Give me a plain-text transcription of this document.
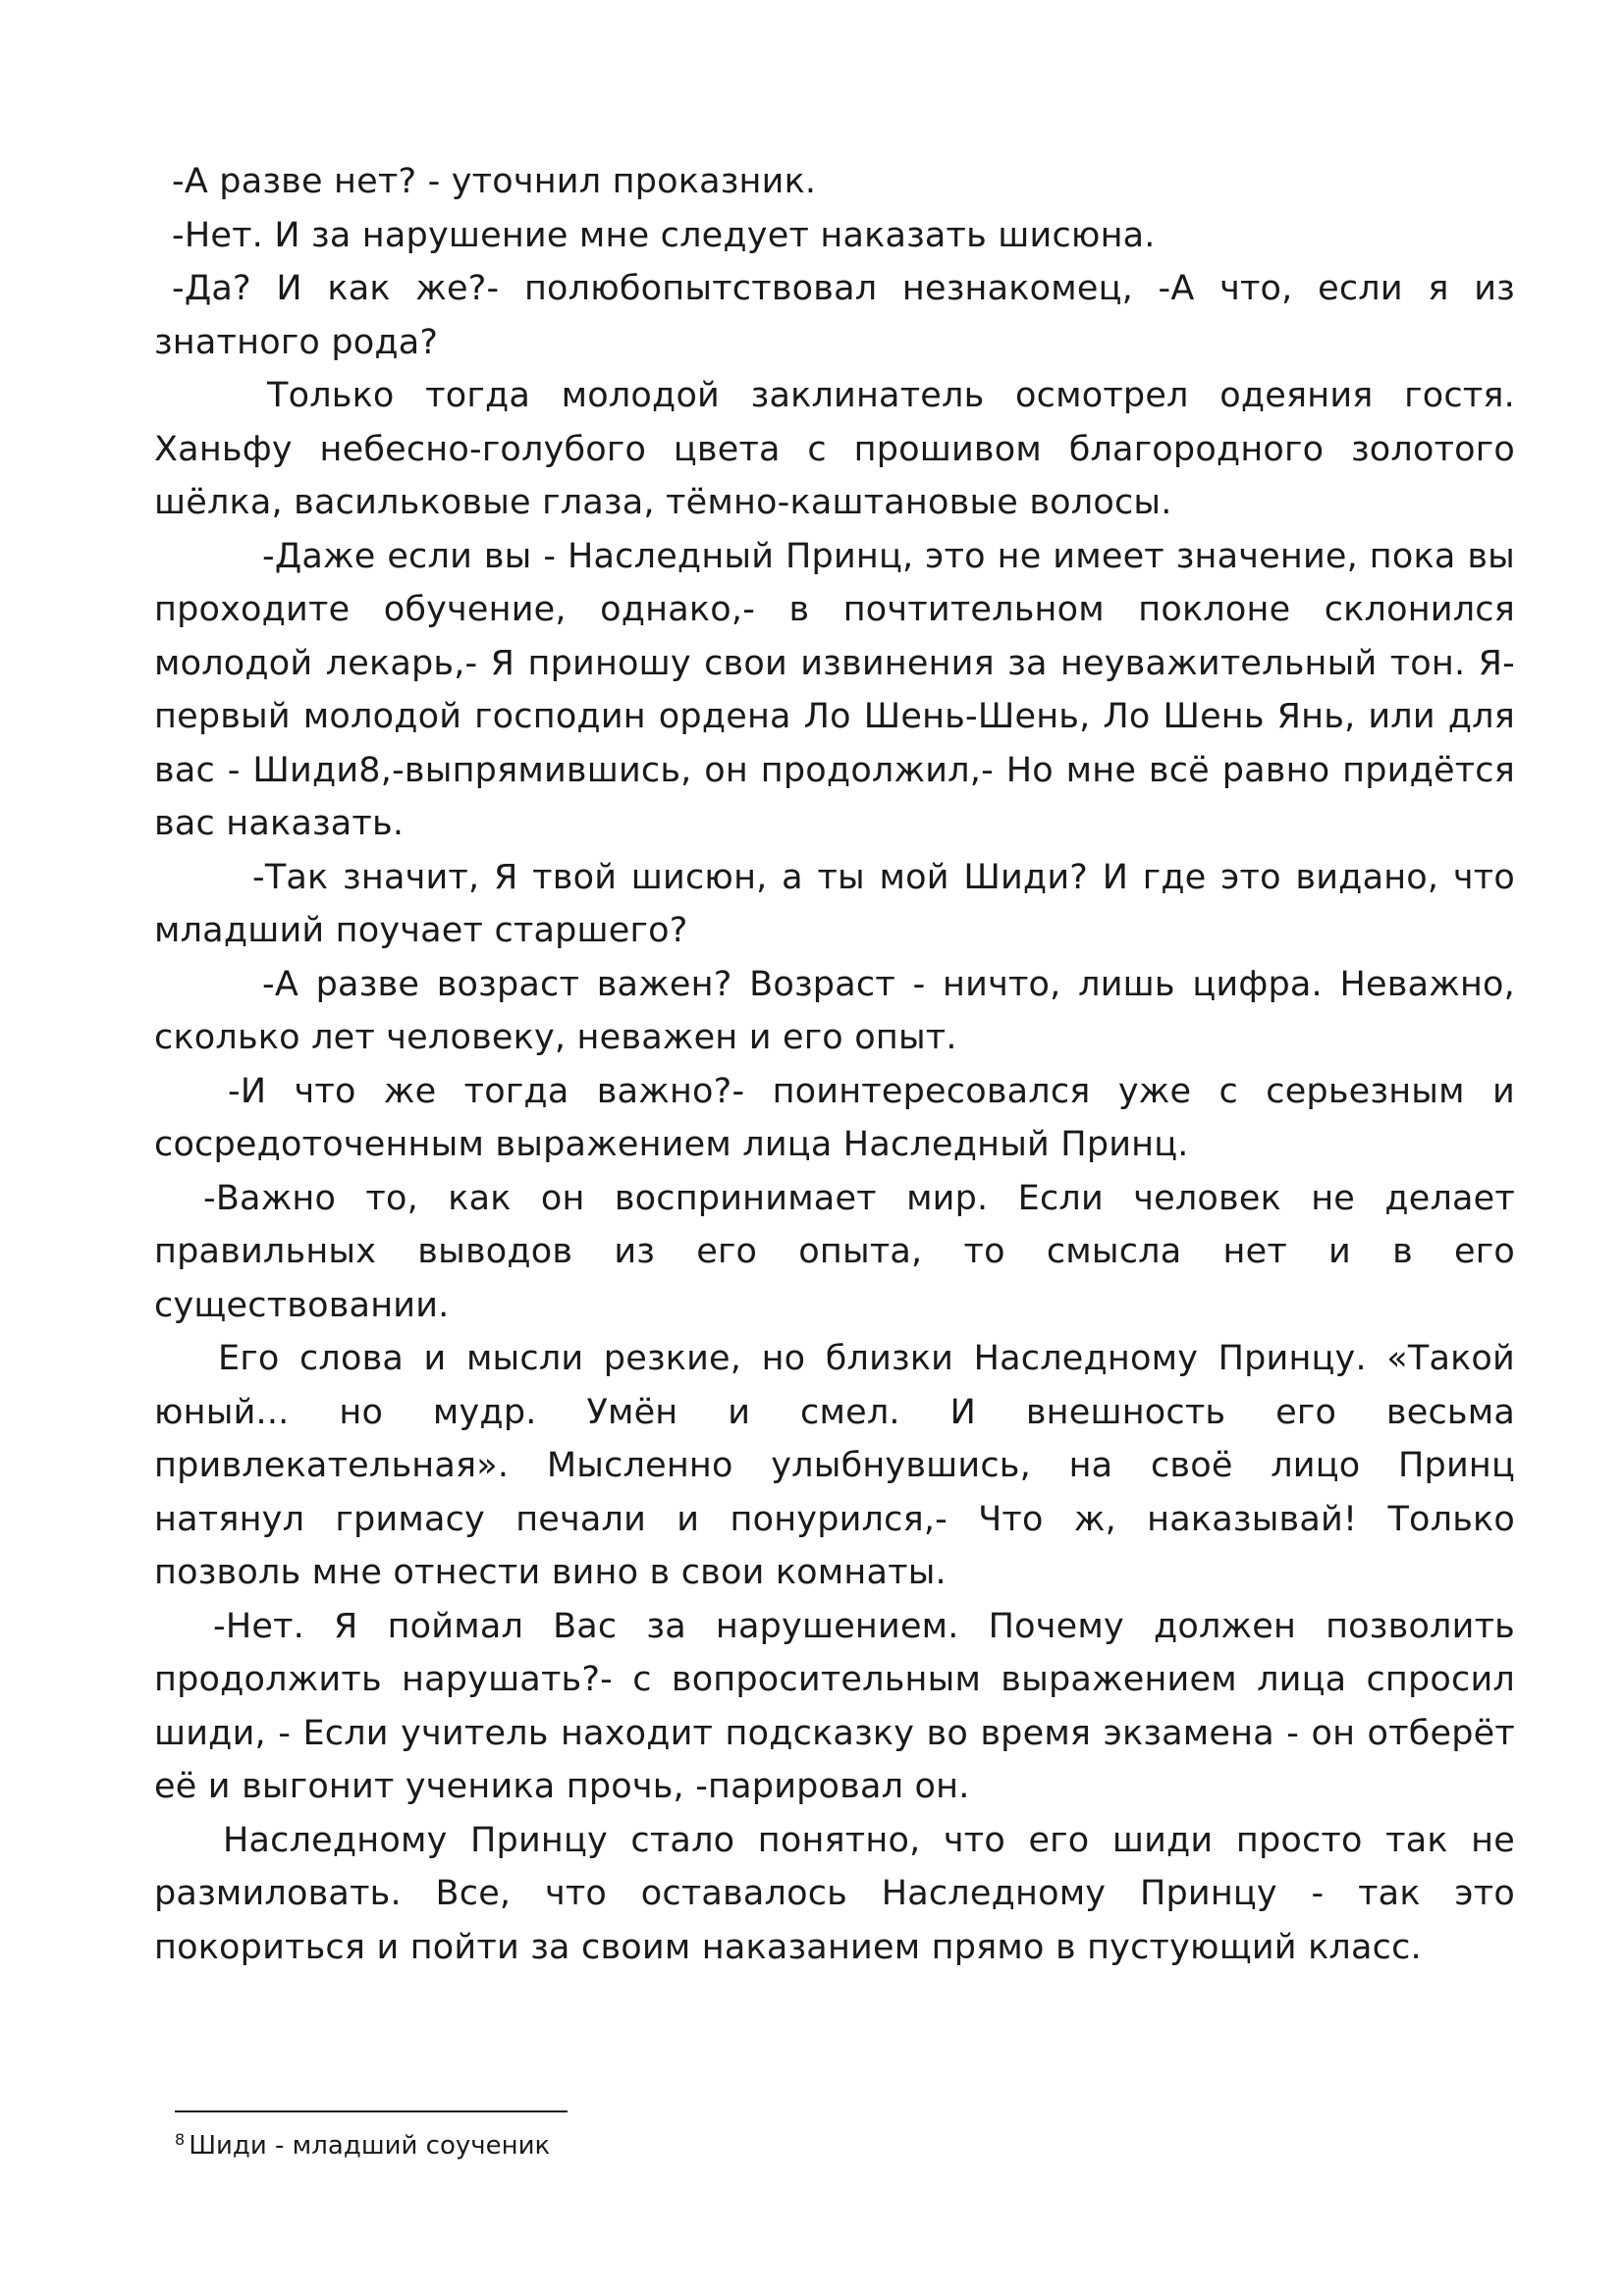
-А разве нет? - уточнил проказник.

-Нет. И за нарушение мне следует наказать шисюна.

-Да? И как же?- полюбопытствовал незнакомец, -А что, если я из знатного рода?

Только тогда молодой заклинатель осмотрел одеяния гостя. Ханьфу небесно-голубого цвета с прошивом благородного золотого шёлка, васильковые глаза, тёмно-каштановые волосы.

-Даже если вы - Наследный Принц, это не имеет значение, пока вы проходите обучение, однако,- в почтительном поклоне склонился молодой лекарь,- Я приношу свои извинения за неуважительный тон. Я- первый молодой господин ордена Ло Шень-Шень, Ло Шень Янь, или для вас - Шиди8,-выпрямившись, он продолжил,- Но мне всё равно придётся вас наказать.

-Так значит, Я твой шисюн, а ты мой Шиди? И где это видано, что младший поучает старшего?

-А разве возраст важен? Возраст - ничто, лишь цифра. Неважно, сколько лет человеку, неважен и его опыт.

-И что же тогда важно?- поинтересовался уже с серьезным и сосредоточенным выражением лица Наследный Принц.

-Важно то, как он воспринимает мир. Если человек не делает правильных выводов из его опыта, то смысла нет и в его существовании.

Его слова и мысли резкие, но близки Наследному Принцу. «Такой юный... но мудр. Умён и смел. И внешность его весьма привлекательная». Мысленно улыбнувшись, на своё лицо Принц натянул гримасу печали и понурился,- Что ж, наказывай! Только позволь мне отнести вино в свои комнаты.

-Нет. Я поймал Вас за нарушением. Почему должен позволить продолжить нарушать?- с вопросительным выражением лица спросил шиди, - Если учитель находит подсказку во время экзамена - он отберёт её и выгонит ученика прочь, -парировал он.

Наследному Принцу стало понятно, что его шиди просто так не размиловать. Все, что оставалось Наследному Принцу - так это покориться и пойти за своим наказанием прямо в пустующий класс.

$^8$ Шиди - младший соученик
